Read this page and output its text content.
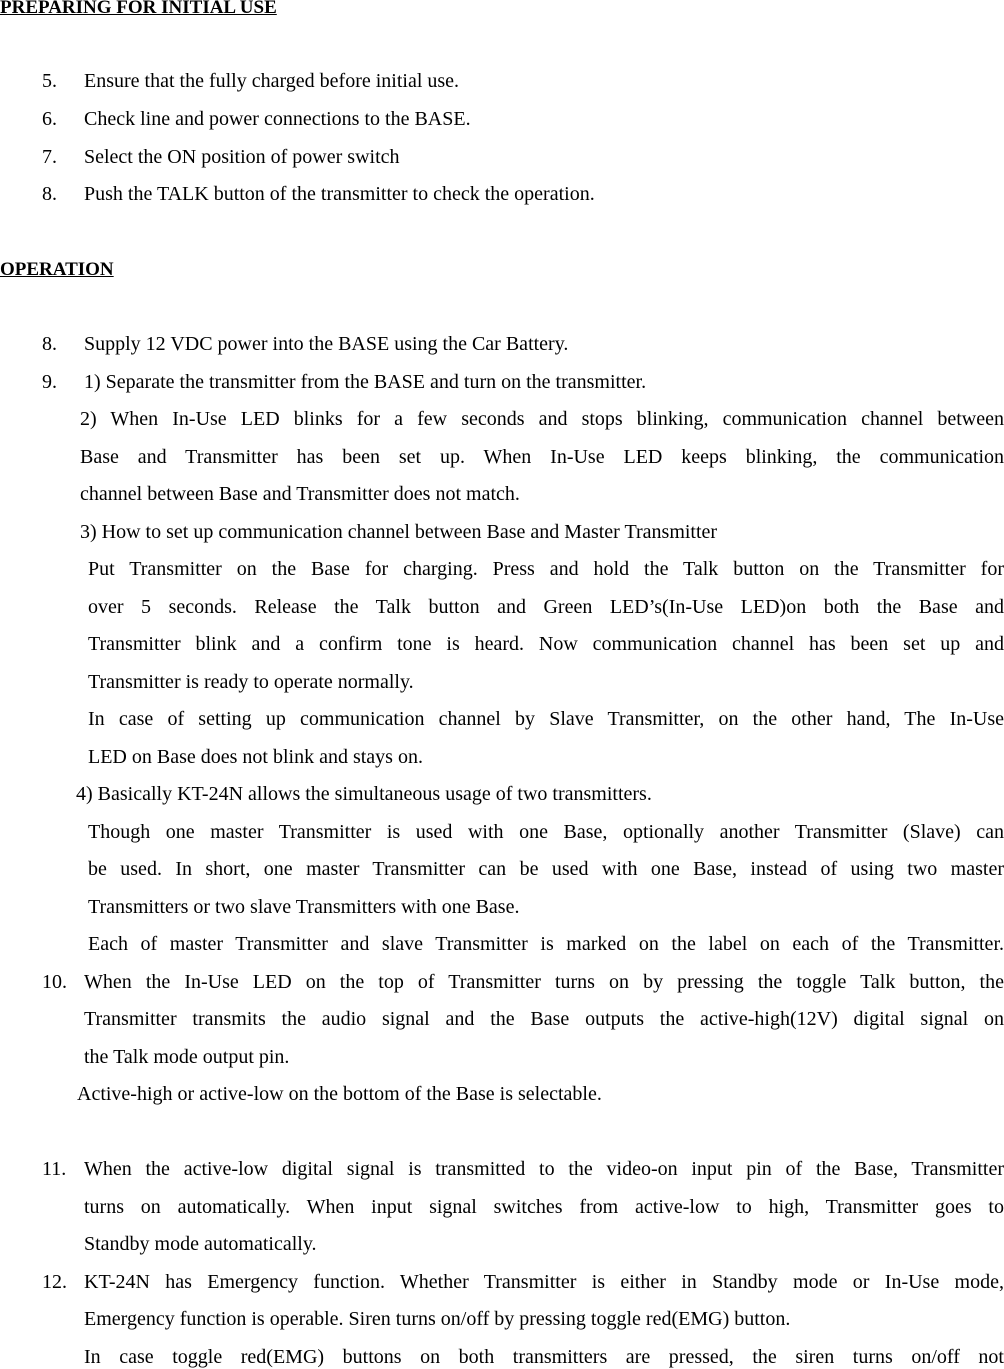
PREPARING FOR INITIAL USE
5. Ensure that the fully charged before initial use.
6. Check line and power connections to the BASE.
7. Select the ON position of power switch
8. Push the TALK button of the transmitter to check the operation.
OPERATION
8. Supply 12 VDC power into the BASE using the Car Battery.
9. 1) Separate the transmitter from the BASE and turn on the transmitter.
2) When In-Use LED blinks for a few seconds and stops blinking, communication channel between
Base and Transmitter has been set up. When In-Use LED keeps blinking, the communication
channel between Base and Transmitter does not match.
3) How to set up communication channel between Base and Master Transmitter
Put Transmitter on the Base for charging. Press and hold the Talk button on the Transmitter for
over 5 seconds. Release the Talk button and Green LED’s(In-Use LED)on both the Base and
Transmitter blink and a confirm tone is heard. Now communication channel has been set up and
Transmitter is ready to operate normally.
In case of setting up communication channel by Slave Transmitter, on the other hand, The In-Use
LED on Base does not blink and stays on.
4) Basically KT-24N allows the simultaneous usage of two transmitters.
Though one master Transmitter is used with one Base, optionally another Transmitter (Slave) can
be used. In short, one master Transmitter can be used with one Base, instead of using two master
Transmitters or two slave Transmitters with one Base.
Each of master Transmitter and slave Transmitter is marked on the label on each of the Transmitter.
10. When the In-Use LED on the top of Transmitter turns on by pressing the toggle Talk button, the
Transmitter transmits the audio signal and the Base outputs the active-high(12V) digital signal on
the Talk mode output pin.
Active-high or active-low on the bottom of the Base is selectable.
11. When the active-low digital signal is transmitted to the video-on input pin of the Base, Transmitter
turns on automatically. When input signal switches from active-low to high, Transmitter goes to
Standby mode automatically.
12. KT-24N has Emergency function. Whether Transmitter is either in Standby mode or In-Use mode,
Emergency function is operable. Siren turns on/off by pressing toggle red(EMG) button.
In case toggle red(EMG) buttons on both transmitters are pressed, the siren turns on/off not
